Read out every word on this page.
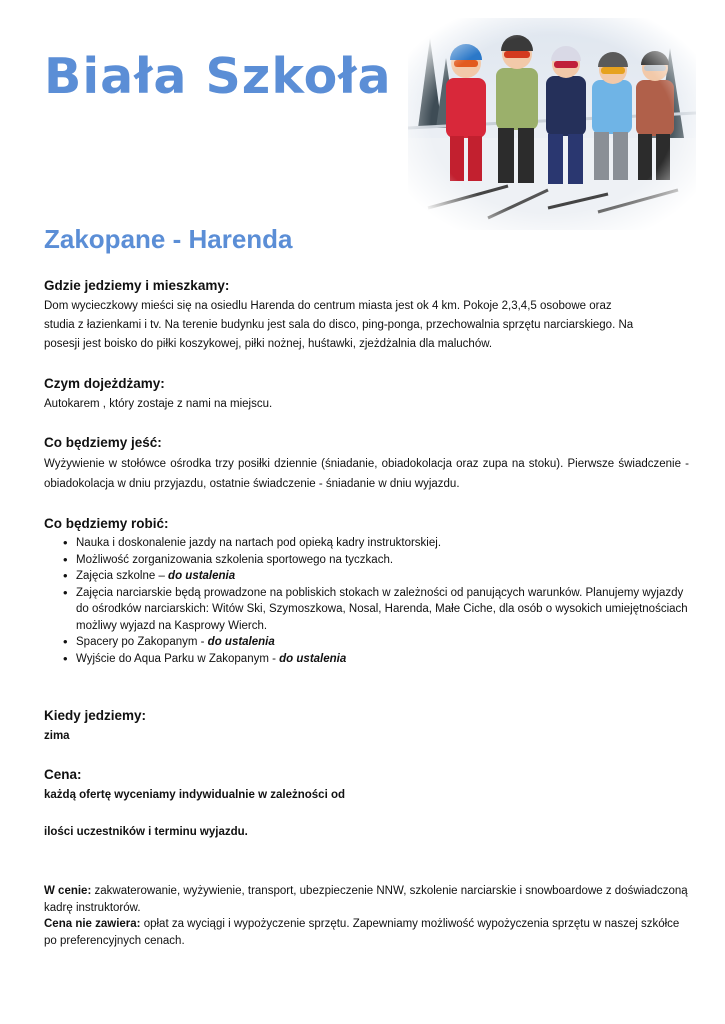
Biała Szkoła
Zakopane - Harenda
Gdzie jedziemy i mieszkamy:

Dom wycieczkowy mieści się na osiedlu Harenda do centrum miasta jest ok 4 km. Pokoje 2,3,4,5 osobowe oraz

studia z łazienkami i tv. Na terenie budynku jest sala do disco, ping-ponga, przechowalnia sprzętu narciarskiego. Na

posesji jest boisko do piłki koszykowej, piłki nożnej, huśtawki, zjeżdżalnia dla maluchów.

Czym dojeżdżamy:

Autokarem , który zostaje z nami na miejscu.

Co będziemy jeść:

Wyżywienie w stołówce ośrodka trzy posiłki dziennie (śniadanie, obiadokolacja oraz zupa na stoku). Pierwsze świadczenie - obiadokolacja w dniu przyjazdu, ostatnie świadczenie - śniadanie w dniu wyjazdu.

Co będziemy robić:
• Nauka i doskonalenie jazdy na nartach pod opieką kadry instruktorskiej.
• Możliwość zorganizowania szkolenia sportowego na tyczkach.
• Zajęcia szkolne – do ustalenia
• Zajęcia narciarskie będą prowadzone na pobliskich stokach w zależności od panujących warunków. Planujemy wyjazdy do ośrodków narciarskich: Witów Ski, Szymoszkowa, Nosal, Harenda, Małe Ciche, dla osób o wysokich umiejętnościach możliwy wyjazd na Kasprowy Wierch.
• Spacery po Zakopanym - do ustalenia
• Wyjście do Aqua Parku w Zakopanym - do ustalenia
Kiedy jedziemy:

zima

Cena:

każdą ofertę wyceniamy indywidualnie w zależności od

ilości uczestników i terminu wyjazdu.

W cenie: zakwaterowanie, wyżywienie, transport, ubezpieczenie NNW, szkolenie narciarskie i snowboardowe z doświadczoną kadrę instruktorów.

Cena nie zawiera: opłat za wyciągi i wypożyczenie sprzętu. Zapewniamy możliwość wypożyczenia sprzętu w naszej szkółce po preferencyjnych cenach.
